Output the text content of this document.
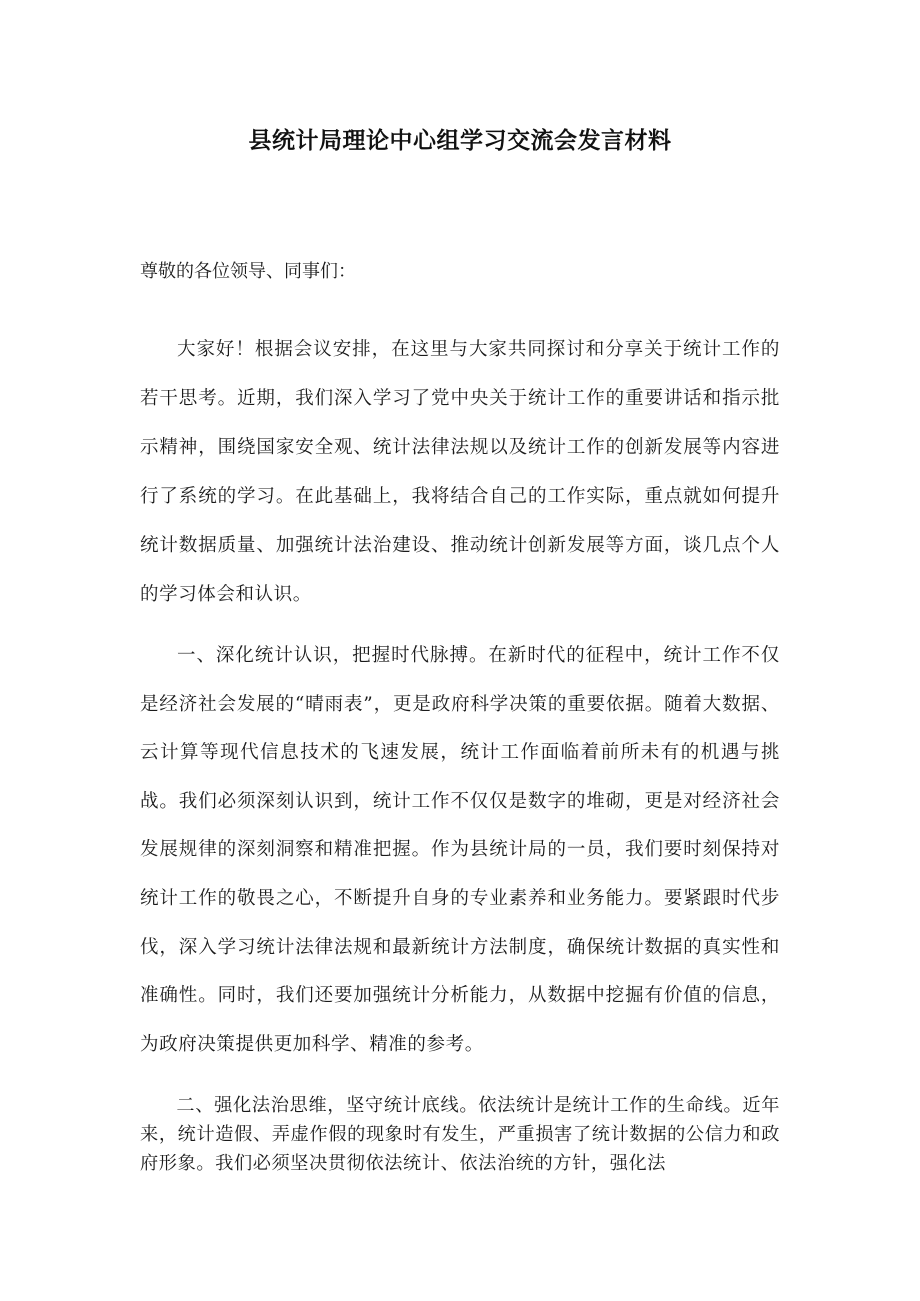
县统计局理论中心组学习交流会发言材料

尊敬的各位领导、同事们：

大家好！根据会议安排，在这里与大家共同探讨和分享关于统计工作的若干思考。近期，我们深入学习了党中央关于统计工作的重要讲话和指示批示精神，围绕国家安全观、统计法律法规以及统计工作的创新发展等内容进行了系统的学习。在此基础上，我将结合自己的工作实际，重点就如何提升统计数据质量、加强统计法治建设、推动统计创新发展等方面，谈几点个人的学习体会和认识。

一、深化统计认识，把握时代脉搏。在新时代的征程中，统计工作不仅是经济社会发展的“晴雨表”，更是政府科学决策的重要依据。随着大数据、云计算等现代信息技术的飞速发展，统计工作面临着前所未有的机遇与挑战。我们必须深刻认识到，统计工作不仅仅是数字的堆砌，更是对经济社会发展规律的深刻洞察和精准把握。作为县统计局的一员，我们要时刻保持对统计工作的敬畏之心，不断提升自身的专业素养和业务能力。要紧跟时代步伐，深入学习统计法律法规和最新统计方法制度，确保统计数据的真实性和准确性。同时，我们还要加强统计分析能力，从数据中挖掘有价值的信息，为政府决策提供更加科学、精准的参考。

二、强化法治思维，坚守统计底线。依法统计是统计工作的生命线。近年来，统计造假、弄虚作假的现象时有发生，严重损害了统计数据的公信力和政府形象。我们必须坚决贯彻依法统计、依法治统的方针，强化法
